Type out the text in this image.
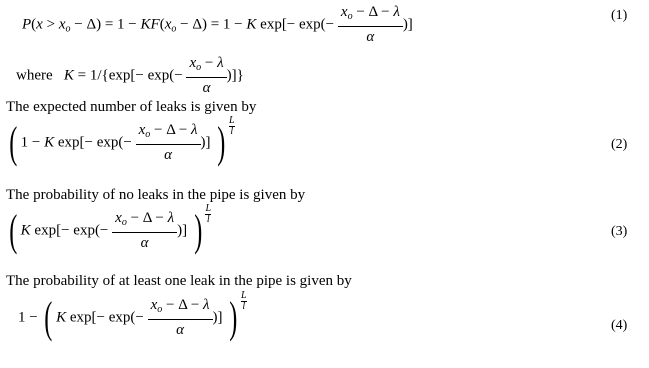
$P(x > x_o - \Delta) = 1 - KF(x_o - \Delta) = 1 - K$ $\exp[- \exp(- \frac{x_o - \Delta - \lambda}{\alpha}$ )]
(1)
where $K = 1/\{\exp[- \exp(- \frac{x_o - \lambda}{\alpha}$ )]}
The expected number of leaks is given by
( 1 − K $\exp[- \exp(- \frac{x_o - \Delta - \lambda}{\alpha}$ )] ) $\frac{L}{l}$
(2)
The probability of no leaks in the pipe is given by
( K $\exp[- \exp(- \frac{x_o - \Delta - \lambda}{\alpha}$ )] ) $\frac{L}{l}$
(3)
The probability of at least one leak in the pipe is given by
1 − ( K $\exp[- \exp(- \frac{x_o - \Delta - \lambda}{\alpha}$ )] ) $\frac{L}{l}$
(4)
